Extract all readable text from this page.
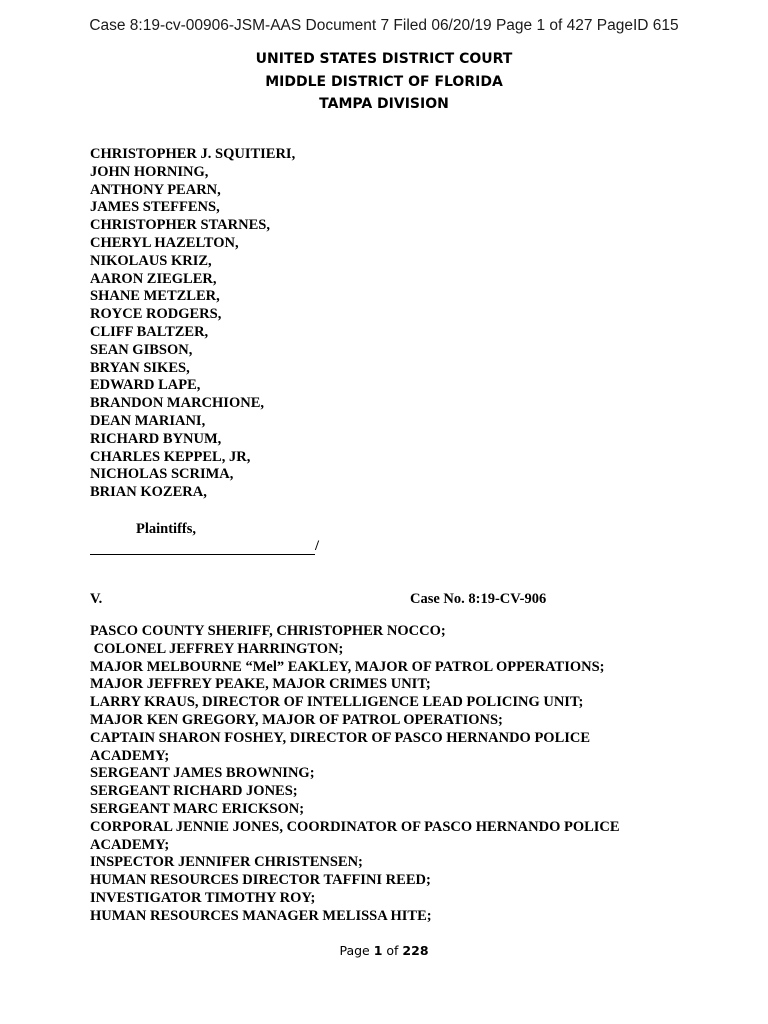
Case 8:19-cv-00906-JSM-AAS Document 7 Filed 06/20/19 Page 1 of 427 PageID 615
UNITED STATES DISTRICT COURT
MIDDLE DISTRICT OF FLORIDA
TAMPA DIVISION
CHRISTOPHER J. SQUITIERI,
JOHN HORNING,
ANTHONY PEARN,
JAMES STEFFENS,
CHRISTOPHER STARNES,
CHERYL HAZELTON,
NIKOLAUS KRIZ,
AARON ZIEGLER,
SHANE METZLER,
ROYCE RODGERS,
CLIFF BALTZER,
SEAN GIBSON,
BRYAN SIKES,
EDWARD LAPE,
BRANDON MARCHIONE,
DEAN MARIANI,
RICHARD BYNUM,
CHARLES KEPPEL, JR,
NICHOLAS SCRIMA,
BRIAN KOZERA,
Plaintiffs,
/
V.	Case No. 8:19-CV-906
PASCO COUNTY SHERIFF, CHRISTOPHER NOCCO;
COLONEL JEFFREY HARRINGTON;
MAJOR MELBOURNE “Mel” EAKLEY, MAJOR OF PATROL OPPERATIONS;
MAJOR JEFFREY PEAKE, MAJOR CRIMES UNIT;
LARRY KRAUS, DIRECTOR OF INTELLIGENCE LEAD POLICING UNIT;
MAJOR KEN GREGORY, MAJOR OF PATROL OPERATIONS;
CAPTAIN SHARON FOSHEY, DIRECTOR OF PASCO HERNANDO POLICE
ACADEMY;
SERGEANT JAMES BROWNING;
SERGEANT RICHARD JONES;
SERGEANT MARC ERICKSON;
CORPORAL JENNIE JONES, COORDINATOR OF PASCO HERNANDO POLICE
ACADEMY;
INSPECTOR JENNIFER CHRISTENSEN;
HUMAN RESOURCES DIRECTOR TAFFINI REED;
INVESTIGATOR TIMOTHY ROY;
HUMAN RESOURCES MANAGER MELISSA HITE;
Page 1 of 228
